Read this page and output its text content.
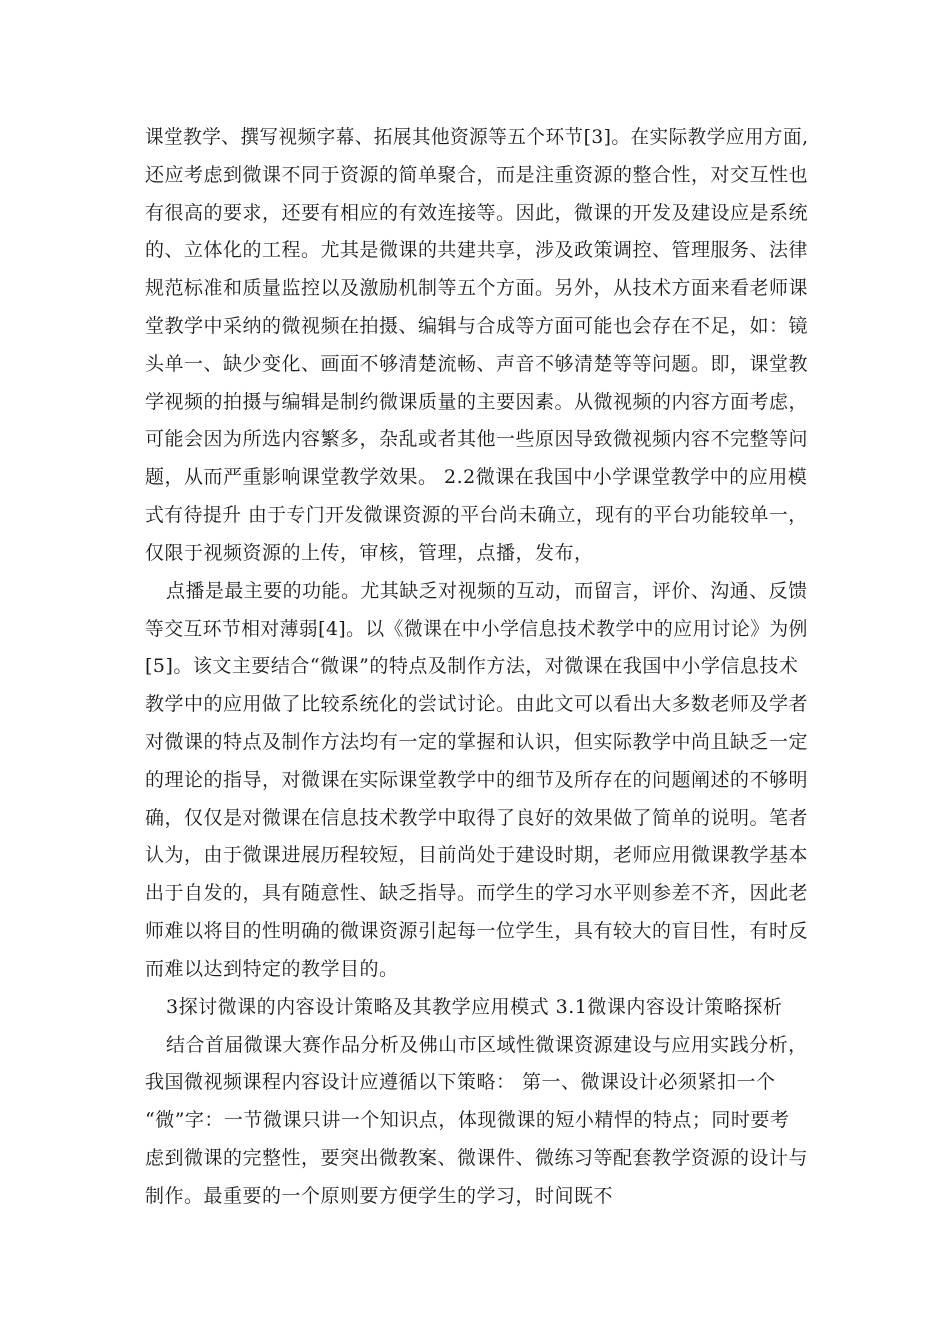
课堂教学、撰写视频字幕、拓展其他资源等五个环节[3]。在实际教学应用方面,
还应考虑到微课不同于资源的简单聚合，而是注重资源的整合性，对交互性也
有很高的要求，还要有相应的有效连接等。因此，微课的开发及建设应是系统
的、立体化的工程。尤其是微课的共建共享，涉及政策调控、管理服务、法律
规范标准和质量监控以及激励机制等五个方面。另外，从技术方面来看老师课
堂教学中采纳的微视频在拍摄、编辑与合成等方面可能也会存在不足，如：镜
头单一、缺少变化、画面不够清楚流畅、声音不够清楚等等问题。即，课堂教
学视频的拍摄与编辑是制约微课质量的主要因素。从微视频的内容方面考虑，
可能会因为所选内容繁多，杂乱或者其他一些原因导致微视频内容不完整等问
题，从而严重影响课堂教学效果。 2.2微课在我国中小学课堂教学中的应用模
式有待提升 由于专门开发微课资源的平台尚未确立，现有的平台功能较单一，
仅限于视频资源的上传，审核，管理，点播，发布，
点播是最主要的功能。尤其缺乏对视频的互动，而留言，评价、沟通、反馈
等交互环节相对薄弱[4]。以《微课在中小学信息技术教学中的应用讨论》为例
[5]。该文主要结合“微课”的特点及制作方法，对微课在我国中小学信息技术
教学中的应用做了比较系统化的尝试讨论。由此文可以看出大多数老师及学者
对微课的特点及制作方法均有一定的掌握和认识，但实际教学中尚且缺乏一定
的理论的指导，对微课在实际课堂教学中的细节及所存在的问题阐述的不够明
确，仅仅是对微课在信息技术教学中取得了良好的效果做了简单的说明。笔者
认为，由于微课进展历程较短，目前尚处于建设时期，老师应用微课教学基本
出于自发的，具有随意性、缺乏指导。而学生的学习水平则参差不齐，因此老
师难以将目的性明确的微课资源引起每一位学生，具有较大的盲目性，有时反
而难以达到特定的教学目的。
3探讨微课的内容设计策略及其教学应用模式 3.1微课内容设计策略探析
结合首届微课大赛作品分析及佛山市区域性微课资源建设与应用实践分析，
我国微视频课程内容设计应遵循以下策略： 第一、微课设计必须紧扣一个
“微”字：一节微课只讲一个知识点，体现微课的短小精悍的特点；同时要考
虑到微课的完整性，要突出微教案、微课件、微练习等配套教学资源的设计与
制作。最重要的一个原则要方便学生的学习，时间既不
